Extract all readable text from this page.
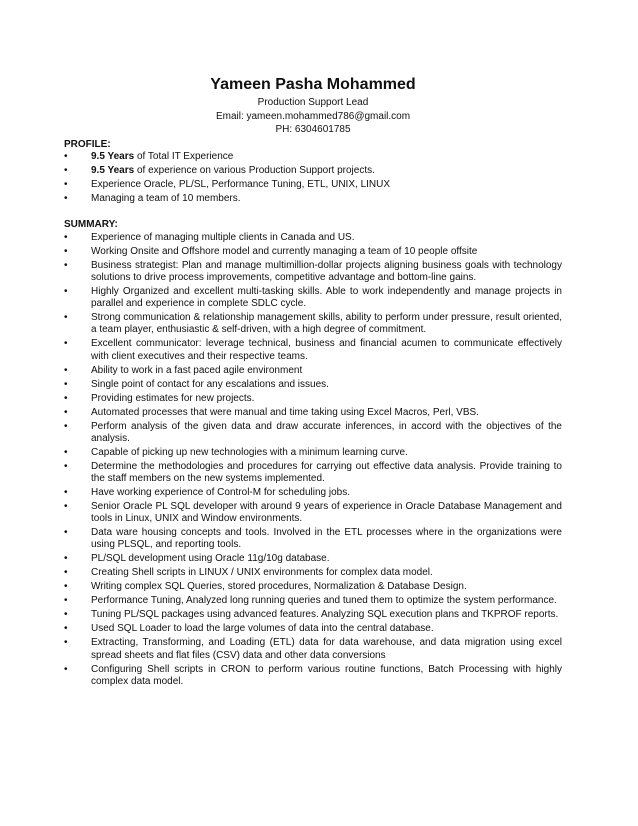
Yameen Pasha Mohammed
Production Support Lead
Email: yameen.mohammed786@gmail.com
PH: 6304601785
PROFILE:
• 9.5 Years of Total IT Experience
• 9.5 Years of experience on various Production Support projects.
• Experience Oracle, PL/SL, Performance Tuning, ETL, UNIX, LINUX
• Managing a team of 10 members.
SUMMARY:
• Experience of managing multiple clients in Canada and US.
• Working Onsite and Offshore model and currently managing a team of 10 people offsite
• Business strategist: Plan and manage multimillion-dollar projects aligning business goals with technology solutions to drive process improvements, competitive advantage and bottom-line gains.
• Highly Organized and excellent multi-tasking skills. Able to work independently and manage projects in parallel and experience in complete SDLC cycle.
• Strong communication & relationship management skills, ability to perform under pressure, result oriented, a team player, enthusiastic & self-driven, with a high degree of commitment.
• Excellent communicator: leverage technical, business and financial acumen to communicate effectively with client executives and their respective teams.
• Ability to work in a fast paced agile environment
• Single point of contact for any escalations and issues.
• Providing estimates for new projects.
• Automated processes that were manual and time taking using Excel Macros, Perl, VBS.
• Perform analysis of the given data and draw accurate inferences, in accord with the objectives of the analysis.
• Capable of picking up new technologies with a minimum learning curve.
• Determine the methodologies and procedures for carrying out effective data analysis. Provide training to the staff members on the new systems implemented.
• Have working experience of Control-M for scheduling jobs.
• Senior Oracle PL SQL developer with around 9 years of experience in Oracle Database Management and tools in Linux, UNIX and Window environments.
• Data ware housing concepts and tools. Involved in the ETL processes where in the organizations were using PLSQL, and reporting tools.
• PL/SQL development using Oracle 11g/10g database.
• Creating Shell scripts in LINUX / UNIX environments for complex data model.
• Writing complex SQL Queries, stored procedures, Normalization & Database Design.
• Performance Tuning, Analyzed long running queries and tuned them to optimize the system performance.
• Tuning PL/SQL packages using advanced features. Analyzing SQL execution plans and TKPROF reports.
• Used SQL Loader to load the large volumes of data into the central database.
• Extracting, Transforming, and Loading (ETL) data for data warehouse, and data migration using excel spread sheets and flat files (CSV) data and other data conversions
• Configuring Shell scripts in CRON to perform various routine functions, Batch Processing with highly complex data model.
